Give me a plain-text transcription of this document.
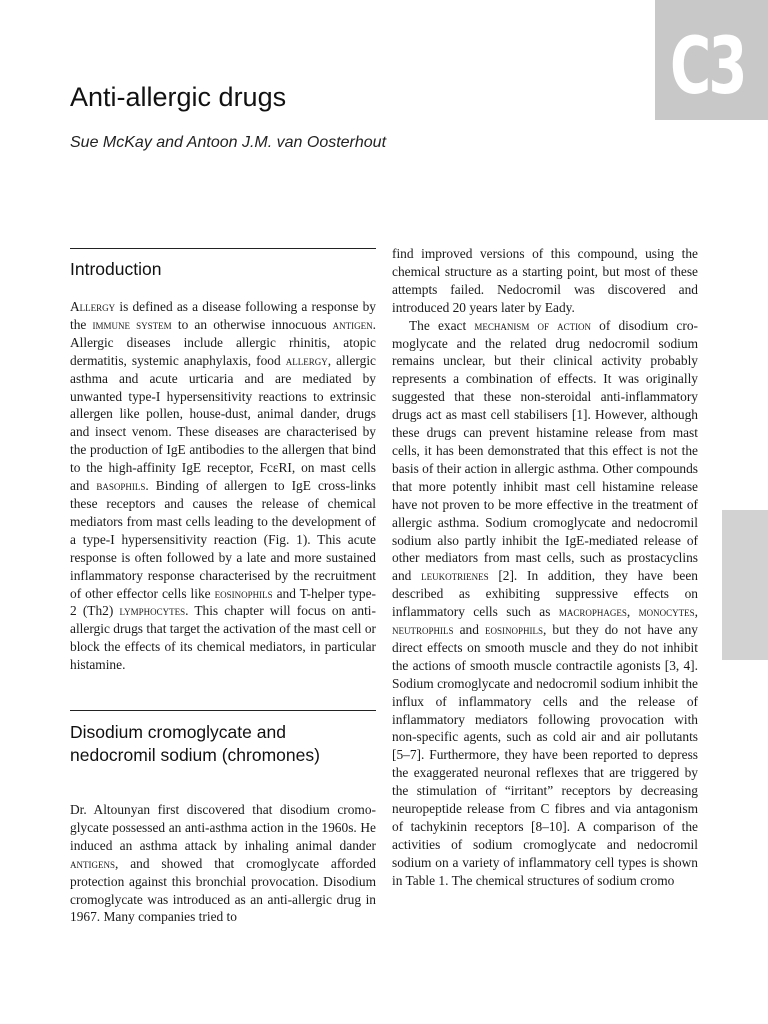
C3
Anti-allergic drugs
Sue McKay and Antoon J.M. van Oosterhout
Introduction

Allergy is defined as a disease following a response by the immune system to an otherwise innocuous antigen. Allergic diseases include allergic rhinitis, atopic dermatitis, systemic anaphylaxis, food allergy, allergic asthma and acute urticaria and are mediated by unwanted type-I hypersensitivity reactions to extrinsic allergen like pollen, house-dust, animal dander, drugs and insect venom. These diseases are characterised by the production of IgE antibodies to the allergen that bind to the high-affinity IgE receptor, FcεRI, on mast cells and basophils. Binding of allergen to IgE cross-links these receptors and causes the release of chemical mediators from mast cells leading to the development of a type-I hypersensitivity reaction (Fig. 1). This acute response is often followed by a late and more sustained inflammatory response characterised by the recruitment of other effector cells like eosinophils and T-helper type-2 (Th2) lymphocytes. This chapter will focus on anti-allergic drugs that target the activation of the mast cell or block the effects of its chemical mediators, in particular histamine.

Disodium cromoglycate and
nedocromil sodium (chromones)

Dr. Altounyan first discovered that disodium cromoglycate possessed an anti-asthma action in the 1960s. He induced an asthma attack by inhaling animal dander antigens, and showed that cromoglycate afforded protection against this bronchial provocation. Disodium cromoglycate was introduced as an anti-allergic drug in 1967. Many companies tried to

find improved versions of this compound, using the chemical structure as a starting point, but most of these attempts failed. Nedocromil was discovered and introduced 20 years later by Eady.

The exact mechanism of action of disodium cromoglycate and the related drug nedocromil sodium remains unclear, but their clinical activity probably represents a combination of effects. It was originally suggested that these non-steroidal anti-inflammatory drugs act as mast cell stabilisers [1]. However, although these drugs can prevent histamine release from mast cells, it has been demonstrated that this effect is not the basis of their action in allergic asthma. Other compounds that more potently inhibit mast cell histamine release have not proven to be more effective in the treatment of allergic asthma. Sodium cromoglycate and nedocromil sodium also partly inhibit the IgE-mediated release of other mediators from mast cells, such as prostacyclins and leukotrienes [2]. In addition, they have been described as exhibiting suppressive effects on inflammatory cells such as macrophages, monocytes, neutrophils and eosinophils, but they do not have any direct effects on smooth muscle and they do not inhibit the actions of smooth muscle contractile agonists [3, 4]. Sodium cromoglycate and nedocromil sodium inhibit the influx of inflammatory cells and the release of inflammatory mediators following provocation with non-specific agents, such as cold air and air pollutants [5–7]. Furthermore, they have been reported to depress the exaggerated neuronal reflexes that are triggered by the stimulation of “irritant” receptors by decreasing neuropeptide release from C fibres and via antagonism of tachykinin receptors [8–10]. A comparison of the activities of sodium cromoglycate and nedocromil sodium on a variety of inflammatory cell types is shown in Table 1. The chemical structures of sodium cromo
